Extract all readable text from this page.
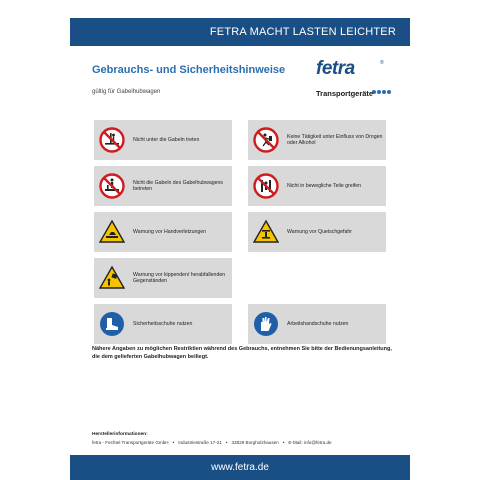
FETRA MACHT LASTEN LEICHTER
Gebrauchs- und Sicherheitshinweise
gültig für Gabelhubwagen
fetra	®
Transportgeräte
Nicht unter die Gabeln treten
Keine Tätigkeit unter Einfluss von Drogen oder Alkohol
Nicht die Gabeln des Gabelhubwagens betreten
Nicht in bewegliche Teile greifen
Warnung vor Handverletzungen	Warnung vor Quetschgefahr
Warnung vor kippenden/ herabfallenden Gegenständen
Sicherheitsschuhe nutzen	Arbeitshandschuhe nutzen
Nähere Angaben zu möglichen Restriktien während des Gebrauchs, entnehmen Sie bitte der Bedienungsanleitung, die dem gelieferten Gabelhubwagen beiliegt.
Herstellerinformationen:
fetra - Fechtel Transportgeräte GmbH • Industriestraße 17-21 • 33829 Borgholzhausen • E-Mail: info@fetra.de
www.fetra.de
